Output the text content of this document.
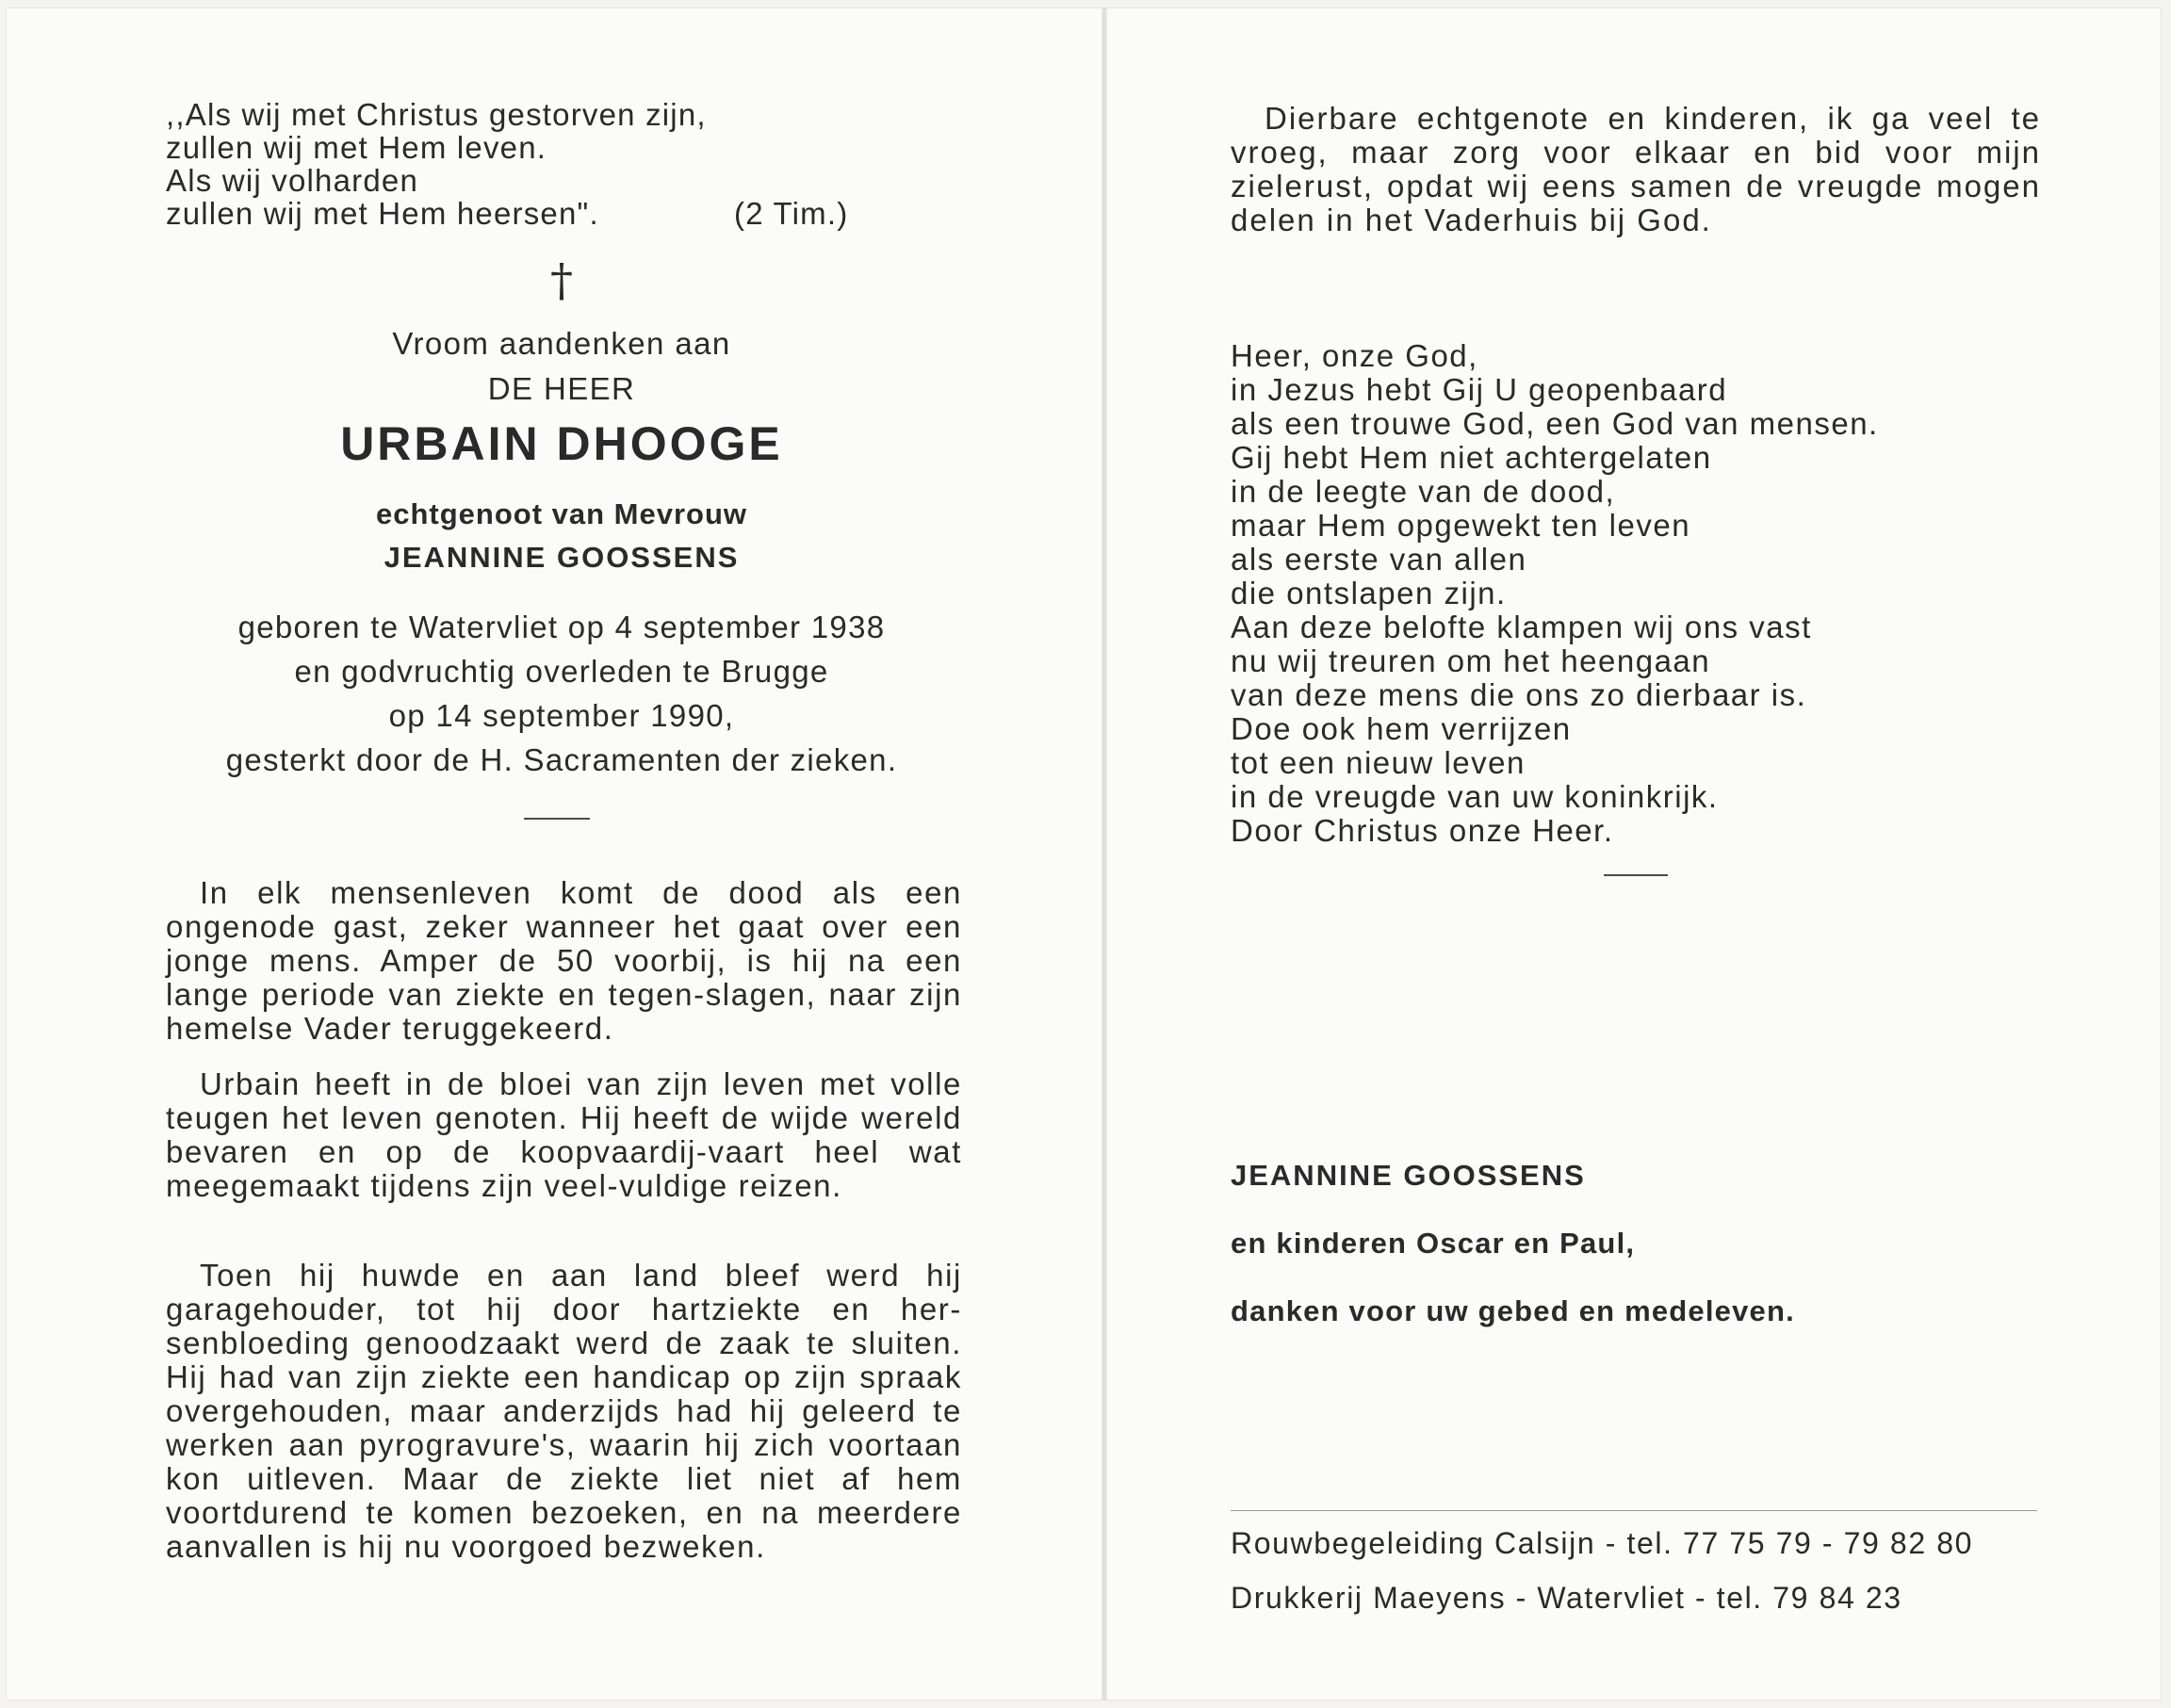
,,Als wij met Christus gestorven zijn,
zullen wij met Hem leven.
Als wij volharden
zullen wij met Hem heersen".	(2 Tim.)
†
Vroom aandenken aan
DE HEER
URBAIN DHOOGE
echtgenoot van Mevrouw
JEANNINE GOOSSENS
geboren te Watervliet op 4 september 1938
en godvruchtig overleden te Brugge
op 14 september 1990,
gesterkt door de H. Sacramenten der zieken.

In elk mensenleven komt de dood als een ongenode gast, zeker wanneer het gaat over een jonge mens. Amper de 50 voorbij, is hij na een lange periode van ziekte en tegen-slagen, naar zijn hemelse Vader teruggekeerd.

Urbain heeft in de bloei van zijn leven met volle teugen het leven genoten. Hij heeft de wijde wereld bevaren en op de koopvaardij-vaart heel wat meegemaakt tijdens zijn veel-vuldige reizen.

Toen hij huwde en aan land bleef werd hij garagehouder, tot hij door hartziekte en her-senbloeding genoodzaakt werd de zaak te sluiten. Hij had van zijn ziekte een handicap op zijn spraak overgehouden, maar anderzijds had hij geleerd te werken aan pyrogravure's, waarin hij zich voortaan kon uitleven. Maar de ziekte liet niet af hem voortdurend te komen bezoeken, en na meerdere aanvallen is hij nu voorgoed bezweken.

Dierbare echtgenote en kinderen, ik ga veel te vroeg, maar zorg voor elkaar en bid voor mijn zielerust, opdat wij eens samen de vreugde mogen delen in het Vaderhuis bij God.

Heer, onze God,
in Jezus hebt Gij U geopenbaard
als een trouwe God, een God van mensen.
Gij hebt Hem niet achtergelaten
in de leegte van de dood,
maar Hem opgewekt ten leven
als eerste van allen
die ontslapen zijn.
Aan deze belofte klampen wij ons vast
nu wij treuren om het heengaan
van deze mens die ons zo dierbaar is.
Doe ook hem verrijzen
tot een nieuw leven
in de vreugde van uw koninkrijk.
Door Christus onze Heer.
JEANNINE GOOSSENS
en kinderen Oscar en Paul,
danken voor uw gebed en medeleven.
Rouwbegeleiding Calsijn - tel. 77 75 79 - 79 82 80
Drukkerij Maeyens - Watervliet - tel. 79 84 23
